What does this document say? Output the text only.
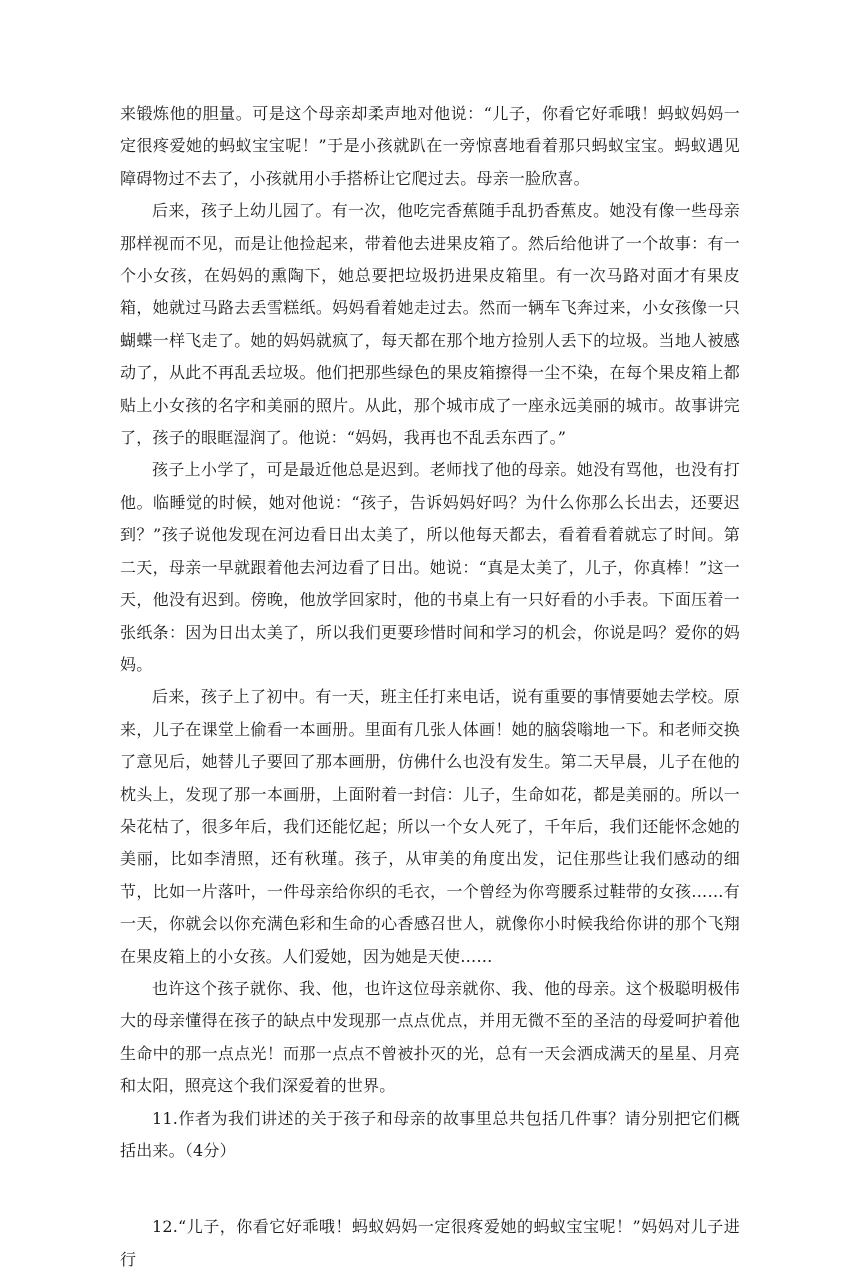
来锻炼他的胆量。可是这个母亲却柔声地对他说：“儿子，你看它好乖哦！蚂蚁妈妈一定很疼爱她的蚂蚁宝宝呢！”于是小孩就趴在一旁惊喜地看着那只蚂蚁宝宝。蚂蚁遇见障碍物过不去了，小孩就用小手搭桥让它爬过去。母亲一脸欣喜。

后来，孩子上幼儿园了。有一次，他吃完香蕉随手乱扔香蕉皮。她没有像一些母亲那样视而不见，而是让他捡起来，带着他去进果皮箱了。然后给他讲了一个故事：有一个小女孩，在妈妈的熏陶下，她总要把垃圾扔进果皮箱里。有一次马路对面才有果皮箱，她就过马路去丢雪糕纸。妈妈看着她走过去。然而一辆车飞奔过来，小女孩像一只蝴蝶一样飞走了。她的妈妈就疯了，每天都在那个地方捡别人丢下的垃圾。当地人被感动了，从此不再乱丢垃圾。他们把那些绿色的果皮箱擦得一尘不染，在每个果皮箱上都贴上小女孩的名字和美丽的照片。从此，那个城市成了一座永远美丽的城市。故事讲完了，孩子的眼眶湿润了。他说：“妈妈，我再也不乱丢东西了。”

孩子上小学了，可是最近他总是迟到。老师找了他的母亲。她没有骂他，也没有打他。临睡觉的时候，她对他说：“孩子，告诉妈妈好吗？为什么你那么长出去，还要迟到？”孩子说他发现在河边看日出太美了，所以他每天都去，看着看着就忘了时间。第二天，母亲一早就跟着他去河边看了日出。她说：“真是太美了，儿子，你真棒！”这一天，他没有迟到。傍晚，他放学回家时，他的书桌上有一只好看的小手表。下面压着一张纸条：因为日出太美了，所以我们更要珍惜时间和学习的机会，你说是吗？爱你的妈妈。

后来，孩子上了初中。有一天，班主任打来电话，说有重要的事情要她去学校。原来，儿子在课堂上偷看一本画册。里面有几张人体画！她的脑袋嗡地一下。和老师交换了意见后，她替儿子要回了那本画册，仿佛什么也没有发生。第二天早晨，儿子在他的枕头上，发现了那一本画册，上面附着一封信：儿子，生命如花，都是美丽的。所以一朵花枯了，很多年后，我们还能忆起；所以一个女人死了，千年后，我们还能怀念她的美丽，比如李清照，还有秋瑾。孩子，从审美的角度出发，记住那些让我们感动的细节，比如一片落叶，一件母亲给你织的毛衣，一个曾经为你弯腰系过鞋带的女孩……有一天，你就会以你充满色彩和生命的心香感召世人，就像你小时候我给你讲的那个飞翔在果皮箱上的小女孩。人们爱她，因为她是天使……

也许这个孩子就你、我、他，也许这位母亲就你、我、他的母亲。这个极聪明极伟大的母亲懂得在孩子的缺点中发现那一点点优点，并用无微不至的圣洁的母爱呵护着他生命中的那一点点光！而那一点点不曾被扑灭的光，总有一天会洒成满天的星星、月亮和太阳，照亮这个我们深爱着的世界。

11.作者为我们讲述的关于孩子和母亲的故事里总共包括几件事？请分别把它们概括出来。（4分）

12.“儿子，你看它好乖哦！蚂蚁妈妈一定很疼爱她的蚂蚁宝宝呢！”妈妈对儿子进行
